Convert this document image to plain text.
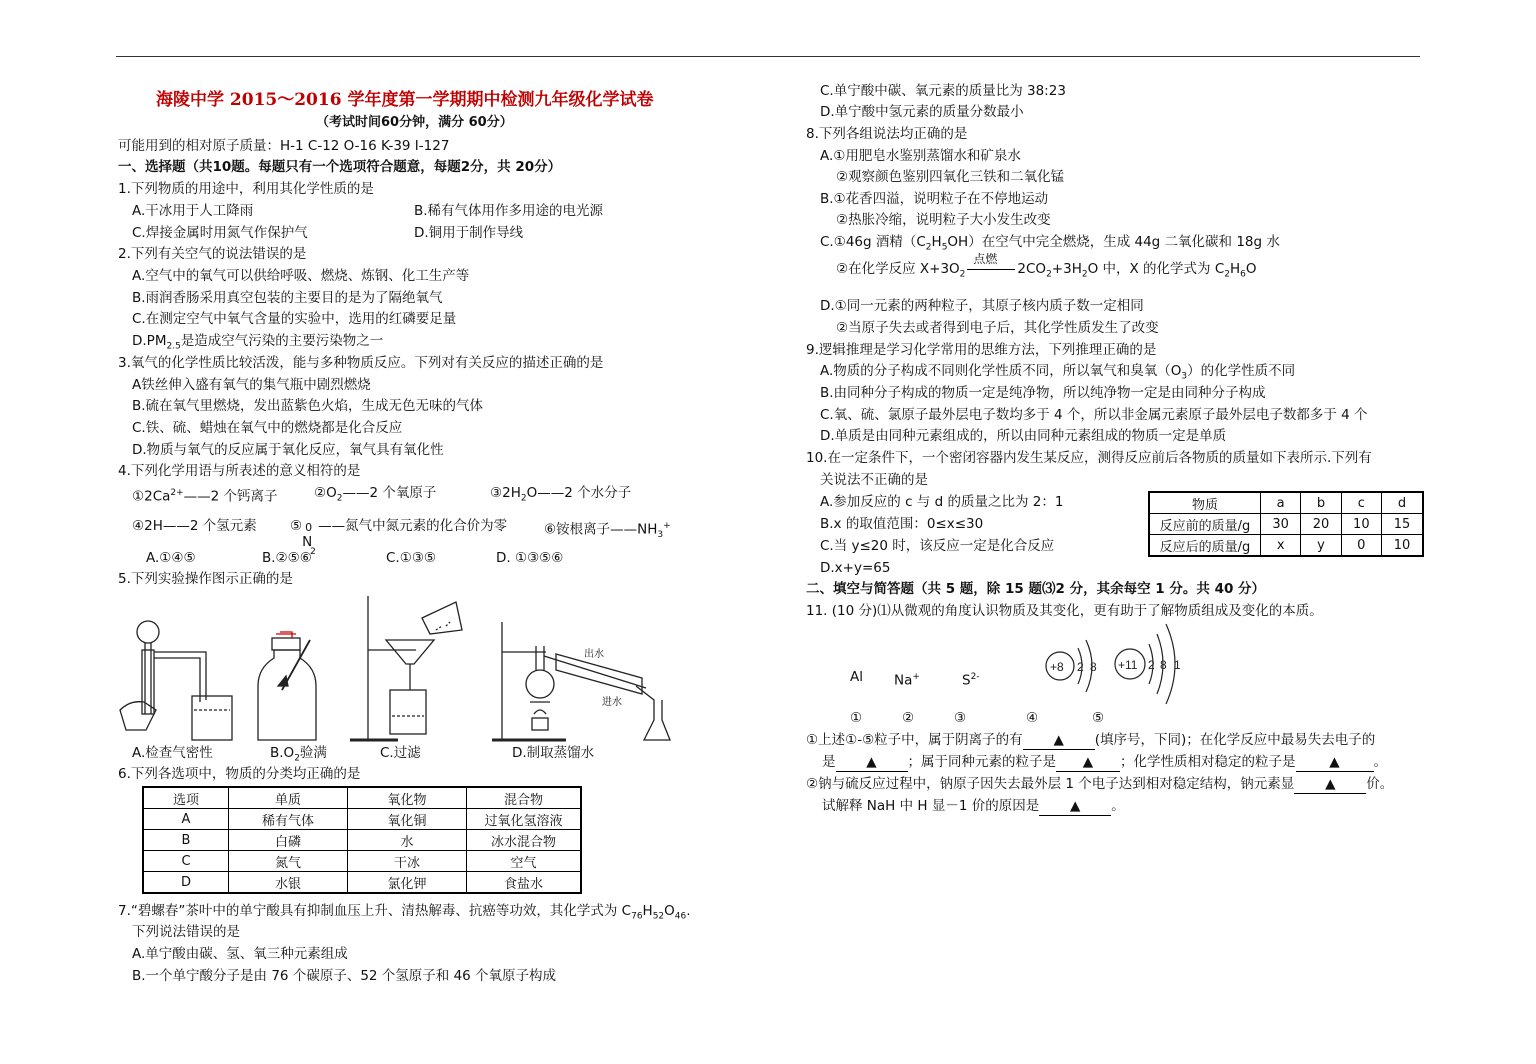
海陵中学 2015～2016 学年度第一学期期中检测九年级化学试卷
（考试时间60分钟，满分 60分）
可能用到的相对原子质量：H-1 C-12 O-16 K-39 I-127
一、选择题（共10题。每题只有一个选项符合题意，每题2分，共 20分）
1.下列物质的用途中，利用其化学性质的是
A.干冰用于人工降雨	B.稀有气体用作多用途的电光源
C.焊接金属时用氮气作保护气	D.铜用于制作导线
2.下列有关空气的说法错误的是
A.空气中的氧气可以供给呼吸、燃烧、炼钢、化工生产等
B.雨润香肠采用真空包装的主要目的是为了隔绝氧气
C.在测定空气中氧气含量的实验中，选用的红磷要足量
$D.PM_{2.5}$是造成空气污染的主要污染物之一
3.氧气的化学性质比较活泼，能与多种物质反应。下列对有关反应的描述正确的是
A铁丝伸入盛有氧气的集气瓶中剧烈燃烧
B.硫在氧气里燃烧，发出蓝紫色火焰，生成无色无味的气体
C.铁、硫、蜡烛在氧气中的燃烧都是化合反应
D.物质与氧气的反应属于氧化反应，氧气具有氧化性
4.下列化学用语与所表述的意义相符的是
$①2Ca^{2+}——2$ 个钙离子	$②O_2——2$ 个氧原子	$③2H_2O——2$ 个水分子
④2H——2 个氢元素 ⑤ 0
N
2
——氮气中氮元素的化合价为零	⑥铵根离子$——NH_3^+$
A.①④⑤	B.②⑤⑥	C.①③⑤	D. ①③⑤⑥
5.下列实验操作图示正确的是
出水
进水
A.检查气密性	$B.O_2$验满	C.过滤	D.制取蒸馏水
6.下列各选项中，物质的分类均正确的是
选项	单质	氧化物	混合物
A	稀有气体	氧化铜	过氧化氢溶液
B	白磷	水	冰水混合物
C	氮气	干冰	空气
D	水银	氯化钾	食盐水
7.“碧螺春”茶叶中的单宁酸具有抑制血压上升、清热解毒、抗癌等功效，其化学式为 $C_{76}H_{52}O_{46}$.
下列说法错误的是
A.单宁酸由碳、氢、氧三种元素组成
B.一个单宁酸分子是由 76 个碳原子、52 个氢原子和 46 个氧原子构成
C.单宁酸中碳、氧元素的质量比为 38:23
D.单宁酸中氢元素的质量分数最小
8.下列各组说法均正确的是
A.①用肥皂水鉴别蒸馏水和矿泉水
②观察颜色鉴别四氧化三铁和二氧化锰
B.①花香四溢，说明粒子在不停地运动
②热胀冷缩，说明粒子大小发生改变
C.①46g 酒精$(C_2H_5OH)$在空气中完全燃烧，生成 44g 二氧化碳和 18g 水
②在化学反应 $X+3O_2$
点燃
$2CO_2+3H_2O$ 中，X 的化学式为 $C_2H_6O$
D.①同一元素的两种粒子，其原子核内质子数一定相同
②当原子失去或者得到电子后，其化学性质发生了改变
9.逻辑推理是学习化学常用的思维方法，下列推理正确的是
A.物质的分子构成不同则化学性质不同，所以氧气和臭氧$(O_3)$的化学性质不同
B.由同种分子构成的物质一定是纯净物，所以纯净物一定是由同种分子构成
C.氧、硫、氯原子最外层电子数均多于 4 个，所以非金属元素原子最外层电子数都多于 4 个
D.单质是由同种元素组成的，所以由同种元素组成的物质一定是单质
10.在一定条件下，一个密闭容器内发生某反应，测得反应前后各物质的质量如下表所示.下列有
关说法不正确的是
A.参加反应的 c 与 d 的质量之比为 2：1
B.x 的取值范围：0≤x≤30
C.当 y≤20 时，该反应一定是化合反应
D.x+y=65
物质	a	b	c	d
反应前的质量/g	30	20	10	15
反应后的质量/g	x	y	0	10
二、填空与简答题（共 5 题，除 15 题⑶2 分，其余每空 1 分。共 40 分）
11. (10 分)⑴从微观的角度认识物质及其变化，更有助于了解物质组成及变化的本质。
Al Na+	$S^{2-}$
+8 2 8 +11 2 8 1
①	②	③	④	⑤
①上述①-⑤粒子中，属于阴离子的有 ▲ (填序号，下同)；在化学反应中最易失去电子的
是 ▲ ；属于同种元素的粒子是 ▲ ；化学性质相对稳定的粒子是	▲	。
②钠与硫反应过程中，钠原子因失去最外层 1 个电子达到相对稳定结构，钠元素显 ▲ 价。
试解释 NaH 中 H 显－1 价的原因是 ▲ 。
